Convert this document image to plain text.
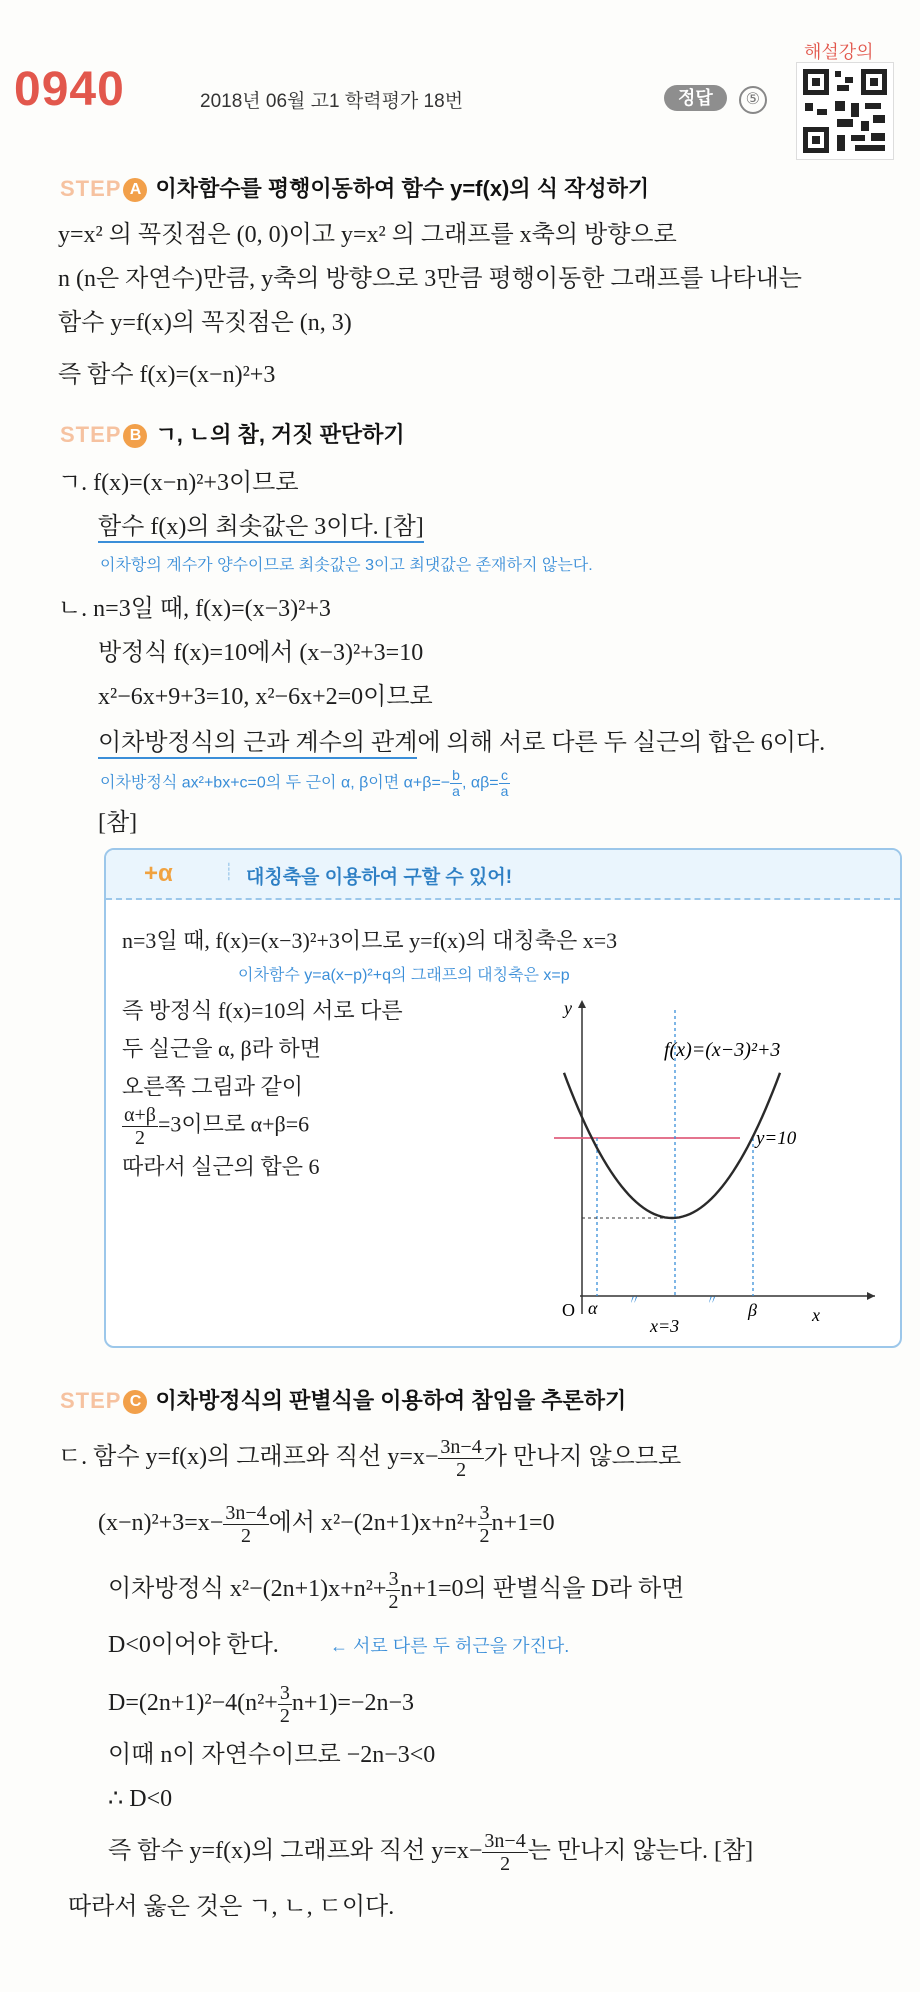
0940	2018년 06월 고1 학력평가 18번	정답 ⑤
해설강의
STEP A 이차함수를 평행이동하여 함수 y=f(x)의 식 작성하기
y=x² 의 꼭짓점은 (0, 0)이고 y=x² 의 그래프를 x축의 방향으로
n (n은 자연수)만큼, y축의 방향으로 3만큼 평행이동한 그래프를 나타내는
함수 y=f(x)의 꼭짓점은 (n, 3)
즉 함수 f(x)=(x−n)²+3
STEP B ㄱ, ㄴ의 참, 거짓 판단하기
ㄱ. f(x)=(x−n)²+3이므로
함수 f(x)의 최솟값은 3이다. [참]
이차항의 계수가 양수이므로 최솟값은 3이고 최댓값은 존재하지 않는다.
ㄴ. n=3일 때, f(x)=(x−3)²+3
방정식 f(x)=10에서 (x−3)²+3=10
x²−6x+9+3=10, x²−6x+2=0이므로
이차방정식의 근과 계수의 관계에 의해 서로 다른 두 실근의 합은 6이다.
이차방정식 ax²+bx+c=0의 두 근이 α, β이면 $\alpha+\beta=- \frac{b}{a}$ , $\alpha\beta= \frac{c}{a}$
[참]
+α	┊ 대칭축을 이용하여 구할 수 있어!
n=3일 때, f(x)=(x−3)²+3이므로 y=f(x)의 대칭축은 x=3
이차함수 y=a(x−p)²+q의 그래프의 대칭축은 x=p
즉 방정식 f(x)=10의 서로 다른
두 실근을 α, β라 하면
오른쪽 그림과 같이
$\frac{\alpha+\beta}{2} =3$이므로 α+β=6
따라서 실근의 합은 6
y
x
O
y=10
〃	〃
f(x)=(x−3)²+3
α
x=3
β
STEP C 이차방정식의 판별식을 이용하여 참임을 추론하기
ㄷ. 함수 y=f(x)의 그래프와 직선 $y=x- \frac{3n-4}{2}$ 가 만나지 않으므로
$(x-n)^2+3=x- \frac{3n-4}{2}$ 에서 $x^2-(2n+1)x+n^2+ \frac{3}{2} n+1=0$
이차방정식 $x^2-(2n+1)x+n^2+ \frac{3}{2} n+1=0$의 판별식을 D라 하면
D<0이어야 한다.	← 서로 다른 두 허근을 가진다.
$D=(2n+1)^2-4(n^2+ \frac{3}{2} n+1)=-2n-3$
이때 n이 자연수이므로 −2n−3<0
∴ D<0
즉 함수 y=f(x)의 그래프와 직선 $y=x- \frac{3n-4}{2}$ 는 만나지 않는다. [참]
따라서 옳은 것은 ㄱ, ㄴ, ㄷ이다.
